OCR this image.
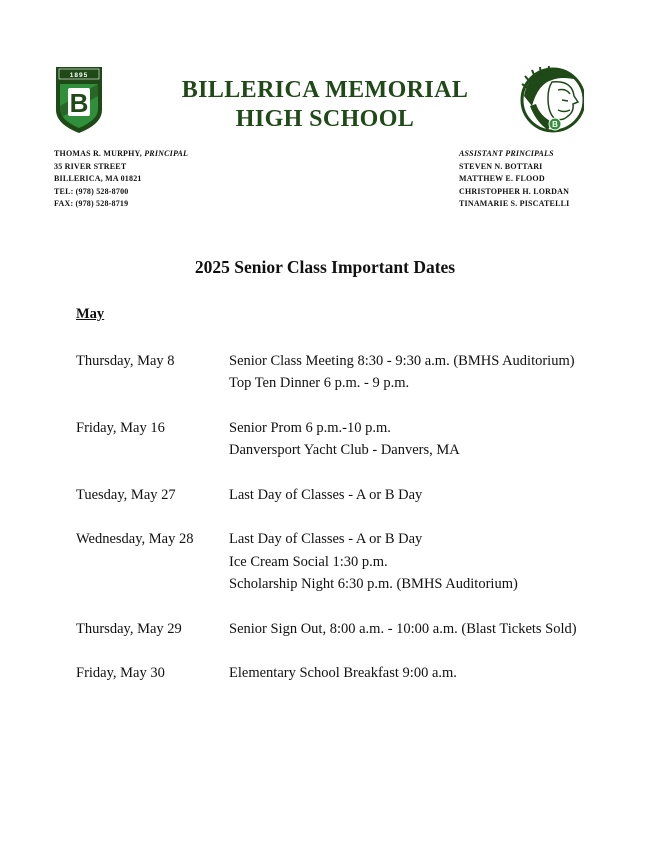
1895
B	BILLERICA MEMORIAL
HIGH SCHOOL	B
THOMAS R. MURPHY, PRINCIPAL
35 RIVER STREET
BILLERICA, MA 01821
TEL: (978) 528-8700
FAX: (978) 528-8719
ASSISTANT PRINCIPALS
STEVEN N. BOTTARI
MATTHEW E. FLOOD
CHRISTOPHER H. LORDAN
TINAMARIE S. PISCATELLI
2025 Senior Class Important Dates
May
Thursday, May 8	Senior Class Meeting 8:30 - 9:30 a.m. (BMHS Auditorium)
Top Ten Dinner 6 p.m. - 9 p.m.
Friday, May 16	Senior Prom 6 p.m.-10 p.m.
Danversport Yacht Club - Danvers, MA
Tuesday, May 27	Last Day of Classes - A or B Day
Wednesday, May 28	Last Day of Classes - A or B Day
Ice Cream Social 1:30 p.m.
Scholarship Night 6:30 p.m. (BMHS Auditorium)
Thursday, May 29	Senior Sign Out, 8:00 a.m. - 10:00 a.m. (Blast Tickets Sold)
Friday, May 30	Elementary School Breakfast 9:00 a.m.
